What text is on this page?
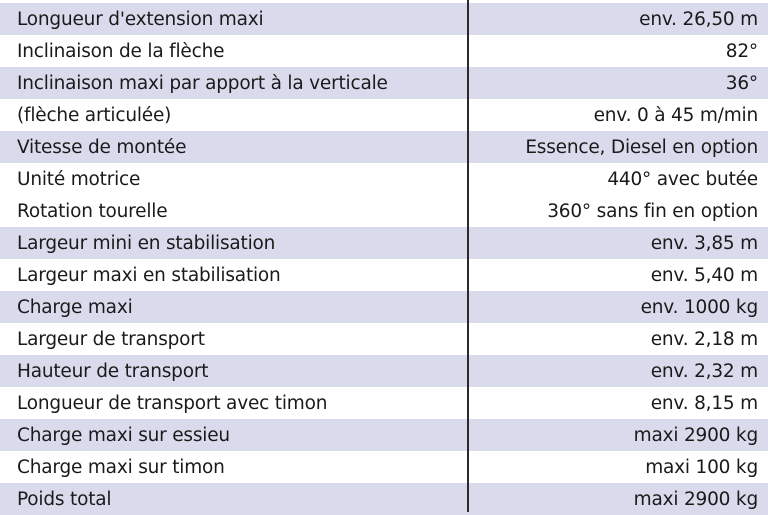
Longueur d'extension maxi	env. 26,50 m
Inclinaison de la flèche	82°
Inclinaison maxi par apport à la verticale	36°
(flèche articulée)	env. 0 à 45 m/min
Vitesse de montée	Essence, Diesel en option
Unité motrice	440° avec butée
Rotation tourelle	360° sans fin en option
Largeur mini en stabilisation	env. 3,85 m
Largeur maxi en stabilisation	env. 5,40 m
Charge maxi	env. 1000 kg
Largeur de transport	env. 2,18 m
Hauteur de transport	env. 2,32 m
Longueur de transport avec timon	env. 8,15 m
Charge maxi sur essieu	maxi 2900 kg
Charge maxi sur timon	maxi 100 kg
Poids total	maxi 2900 kg
